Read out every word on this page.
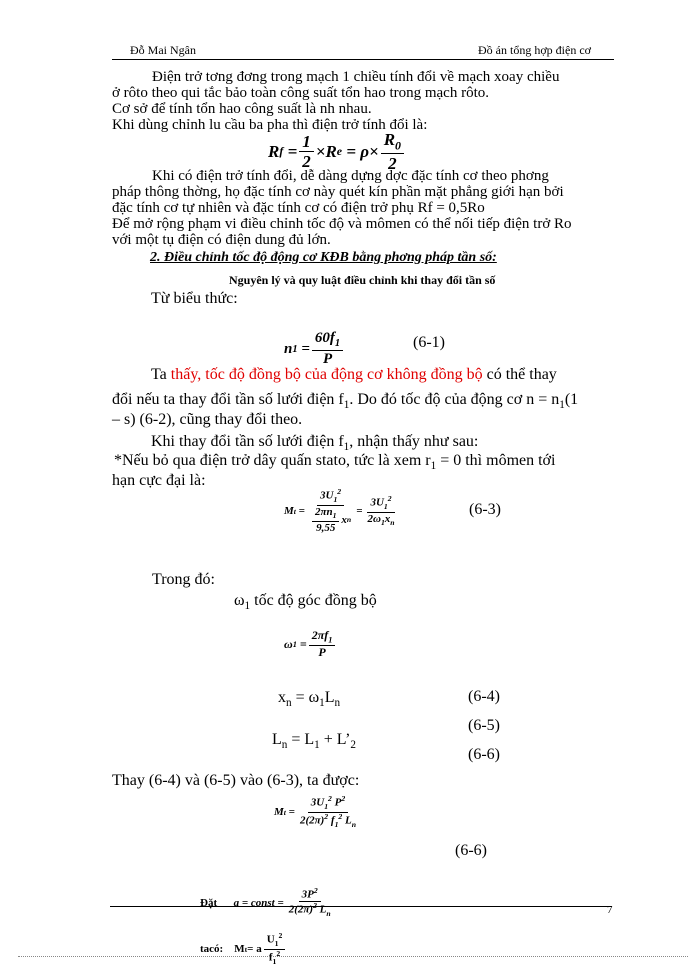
Đỗ Mai Ngân	Đồ án tổng hợp điện cơ
Điện trở tơng đơng trong mạch 1 chiều tính đổi về mạch xoay chiều
ở rôto theo qui tắc bảo toàn công suất tổn hao trong mạch rôto.
Cơ sở để tính tổn hao công suất là nh nhau.
Khi dùng chỉnh lu cầu ba pha thì điện trở tính đổi là:
R f
= $\frac{1}{2} \times R$ e
=
$\rho \times \frac{R_0}{2}$
Khi có điện trở tính đổi, dễ dàng dựng dợc đặc tính cơ theo phơng
pháp thông thờng, họ đặc tính cơ này quét kín phần mặt phẳng giới hạn bởi
đặc tính cơ tự nhiên và đặc tính cơ có điện trở phụ Rf = 0,5Ro
Để mở rộng phạm vi điều chỉnh tốc độ và mômen có thể nối tiếp điện trở Ro
với một tụ điện có điện dung đủ lớn.
2. Điều chỉnh tốc độ động cơ KĐB bằng phơng pháp tần số:
Nguyên lý và quy luật điều chỉnh khi thay đổi tần số
Từ biểu thức:
n 1
= $\frac{60f_1}{P}$	(6-1)
Ta thấy, tốc độ đồng bộ của động cơ không đồng bộ có thể thay
đổi nếu ta thay đổi tần số lưới điện $f_1$. Do đó tốc độ của động cơ $n = n_1(1$
– s) (6-2), cũng thay đổi theo.
Khi thay đổi tần số lưới điện $f_1$, nhận thấy như sau:
*Nếu bỏ qua điện trở dây quấn stato, tức là xem $r_1 = 0$ thì mômen tới
hạn cực đại là:
M $t = \frac{3U_1^2}{\frac{2\pi n_1}{9,55} x n} = \frac{3U_1^2}{2\omega_1x_n}$	(6-3)
Trong đó:
$\omega_1$ tốc độ góc đồng bộ
ω $1 = \frac{2\pi f_1}{P}$
$x_n = \omega_1L_n$	(6-4)
(6-5)
$L_n = L_1$ + $L’_2$
(6-6)
Thay (6-4) và (6-5) vào (6-3), ta được:
M $t = \frac{3U_1^2 P^2}{2(2\pi)^2 f_1^2 L_n}$
(6-6)
Đặt
a = const = $\frac{3P^2}{2(2\pi)^2 L_n}$	7
tacó:
M t = a $\frac{U_1^2}{f_1^2}$
